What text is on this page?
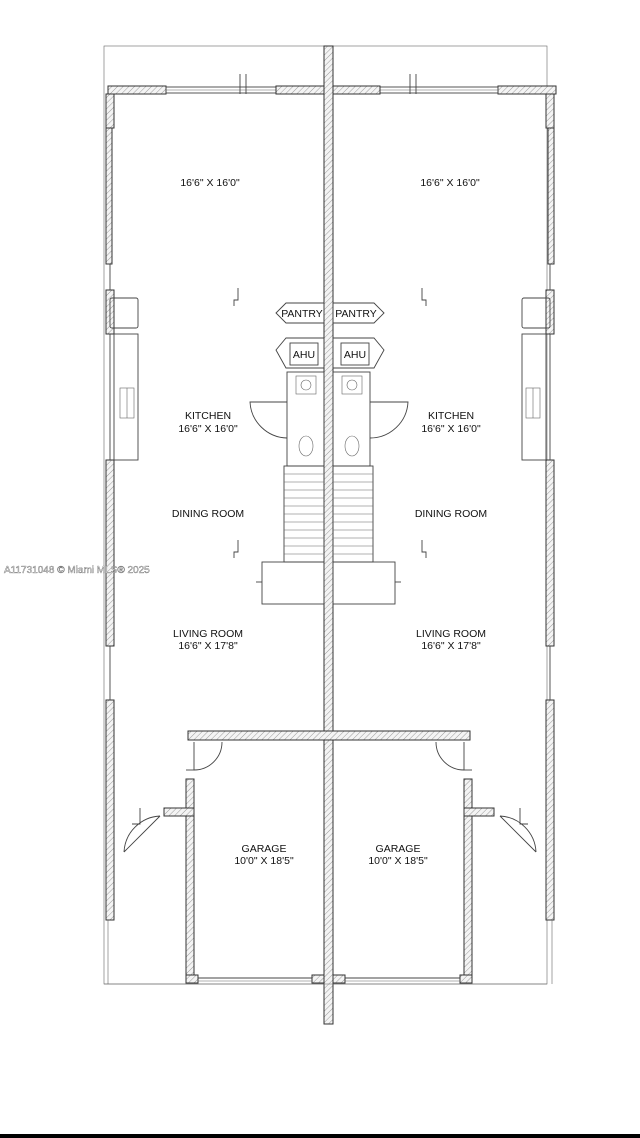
16'6" X 16'0"
PANTRY
AHU
KITCHEN
16'6" X 16'0"
DINING ROOM
LIVING ROOM
16'6" X 17'8"
GARAGE
10'0" X 18'5"
16'6" X 16'0"
PANTRY
AHU
KITCHEN
16'6" X 16'0"
DINING ROOM
LIVING ROOM
16'6" X 17'8"
GARAGE
10'0" X 18'5"
A11731048 © Miami MLS® 2025
